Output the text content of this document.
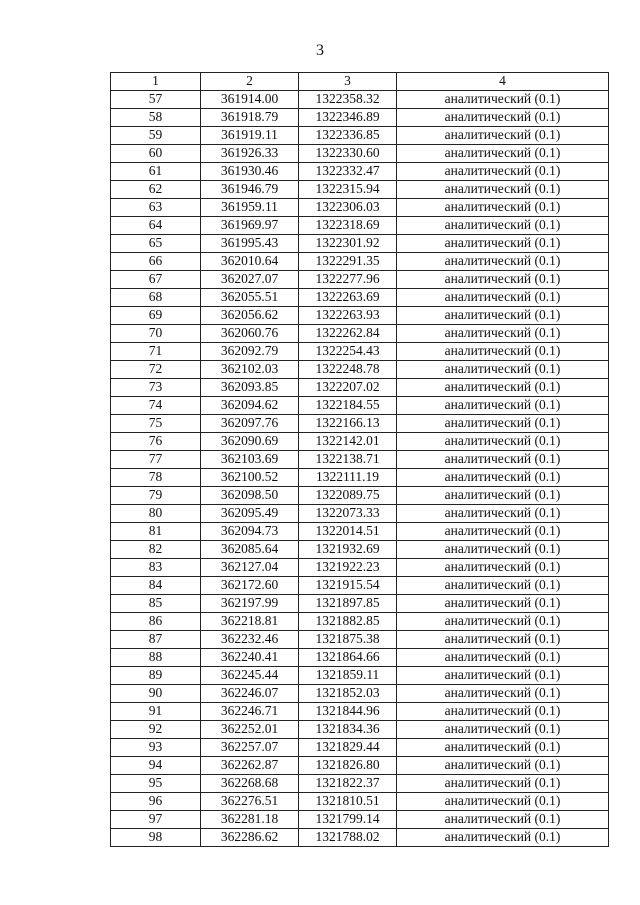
3
1	2	3	4
57	361914.00	1322358.32	аналитический (0.1)
58	361918.79	1322346.89	аналитический (0.1)
59	361919.11	1322336.85	аналитический (0.1)
60	361926.33	1322330.60	аналитический (0.1)
61	361930.46	1322332.47	аналитический (0.1)
62	361946.79	1322315.94	аналитический (0.1)
63	361959.11	1322306.03	аналитический (0.1)
64	361969.97	1322318.69	аналитический (0.1)
65	361995.43	1322301.92	аналитический (0.1)
66	362010.64	1322291.35	аналитический (0.1)
67	362027.07	1322277.96	аналитический (0.1)
68	362055.51	1322263.69	аналитический (0.1)
69	362056.62	1322263.93	аналитический (0.1)
70	362060.76	1322262.84	аналитический (0.1)
71	362092.79	1322254.43	аналитический (0.1)
72	362102.03	1322248.78	аналитический (0.1)
73	362093.85	1322207.02	аналитический (0.1)
74	362094.62	1322184.55	аналитический (0.1)
75	362097.76	1322166.13	аналитический (0.1)
76	362090.69	1322142.01	аналитический (0.1)
77	362103.69	1322138.71	аналитический (0.1)
78	362100.52	1322111.19	аналитический (0.1)
79	362098.50	1322089.75	аналитический (0.1)
80	362095.49	1322073.33	аналитический (0.1)
81	362094.73	1322014.51	аналитический (0.1)
82	362085.64	1321932.69	аналитический (0.1)
83	362127.04	1321922.23	аналитический (0.1)
84	362172.60	1321915.54	аналитический (0.1)
85	362197.99	1321897.85	аналитический (0.1)
86	362218.81	1321882.85	аналитический (0.1)
87	362232.46	1321875.38	аналитический (0.1)
88	362240.41	1321864.66	аналитический (0.1)
89	362245.44	1321859.11	аналитический (0.1)
90	362246.07	1321852.03	аналитический (0.1)
91	362246.71	1321844.96	аналитический (0.1)
92	362252.01	1321834.36	аналитический (0.1)
93	362257.07	1321829.44	аналитический (0.1)
94	362262.87	1321826.80	аналитический (0.1)
95	362268.68	1321822.37	аналитический (0.1)
96	362276.51	1321810.51	аналитический (0.1)
97	362281.18	1321799.14	аналитический (0.1)
98	362286.62	1321788.02	аналитический (0.1)
